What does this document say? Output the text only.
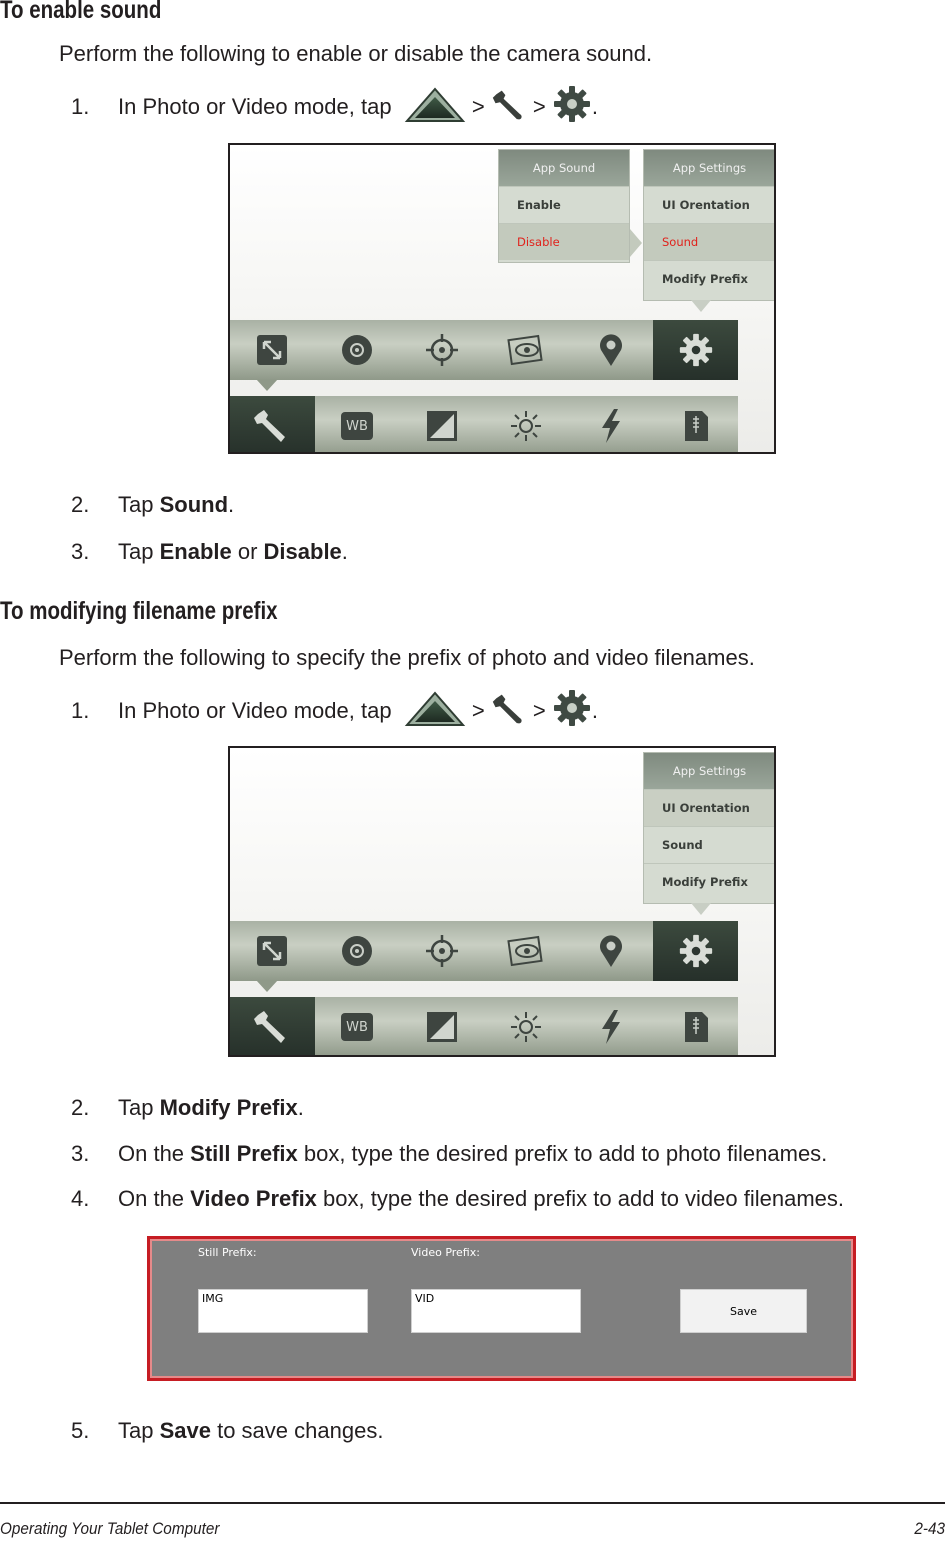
To enable sound
Perform the following to enable or disable the camera sound.
1. In Photo or Video mode, tap	> > .
App Sound
Enable
Disable
App Settings
UI Orentation
Sound
Modify Prefix
WB
2. Tap Sound.
3. Tap Enable or Disable.
To modifying filename prefix
Perform the following to specify the prefix of photo and video filenames.
1. In Photo or Video mode, tap	> > .
App Settings
UI Orentation
Sound
Modify Prefix
WB
2. Tap Modify Prefix.
3. On the Still Prefix box, type the desired prefix to add to photo filenames.
4. On the Video Prefix box, type the desired prefix to add to video filenames.
Still Prefix:	Video Prefix:
IMG	VID
Save
5. Tap Save to save changes.
Operating Your Tablet Computer	2-43
